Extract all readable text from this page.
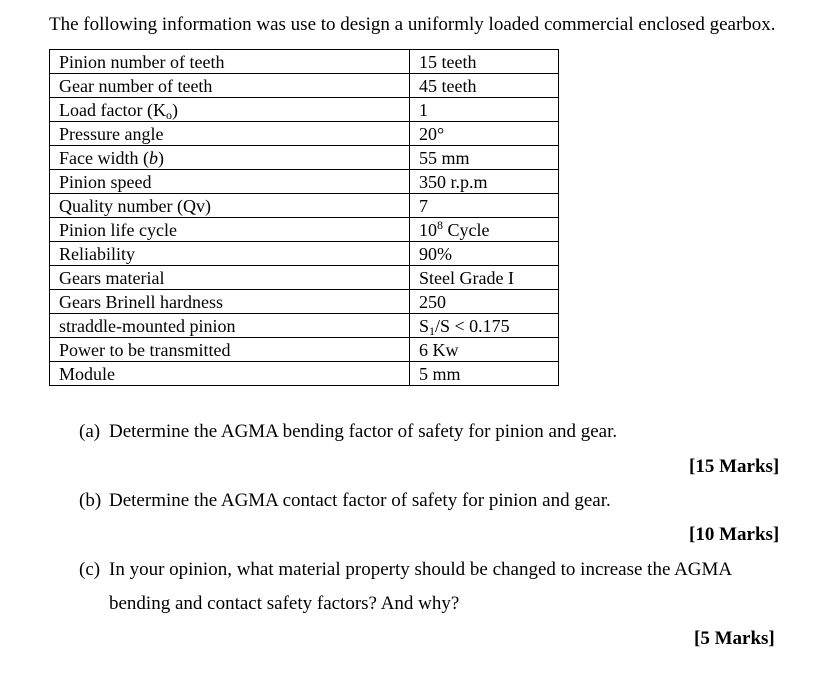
The following information was use to design a uniformly loaded commercial enclosed gearbox.
Pinion number of teeth	15 teeth
Gear number of teeth	45 teeth
Load factor $(K_o)$	1
Pressure angle	20°
Face width (b)	55 mm
Pinion speed	350 r.p.m
Quality number (Qv)	7
Pinion life cycle	$10^8$ Cycle
Reliability	90%
Gears material	Steel Grade I
Gears Brinell hardness	250
straddle-mounted pinion	$S_1/S < 0.175$
Power to be transmitted	6 Kw
Module	5 mm
(a) Determine the AGMA bending factor of safety for pinion and gear.
[15 Marks]
(b) Determine the AGMA contact factor of safety for pinion and gear.
[10 Marks]
(c) In your opinion, what material property should be changed to increase the AGMA
bending and contact safety factors? And why?
[5 Marks]
